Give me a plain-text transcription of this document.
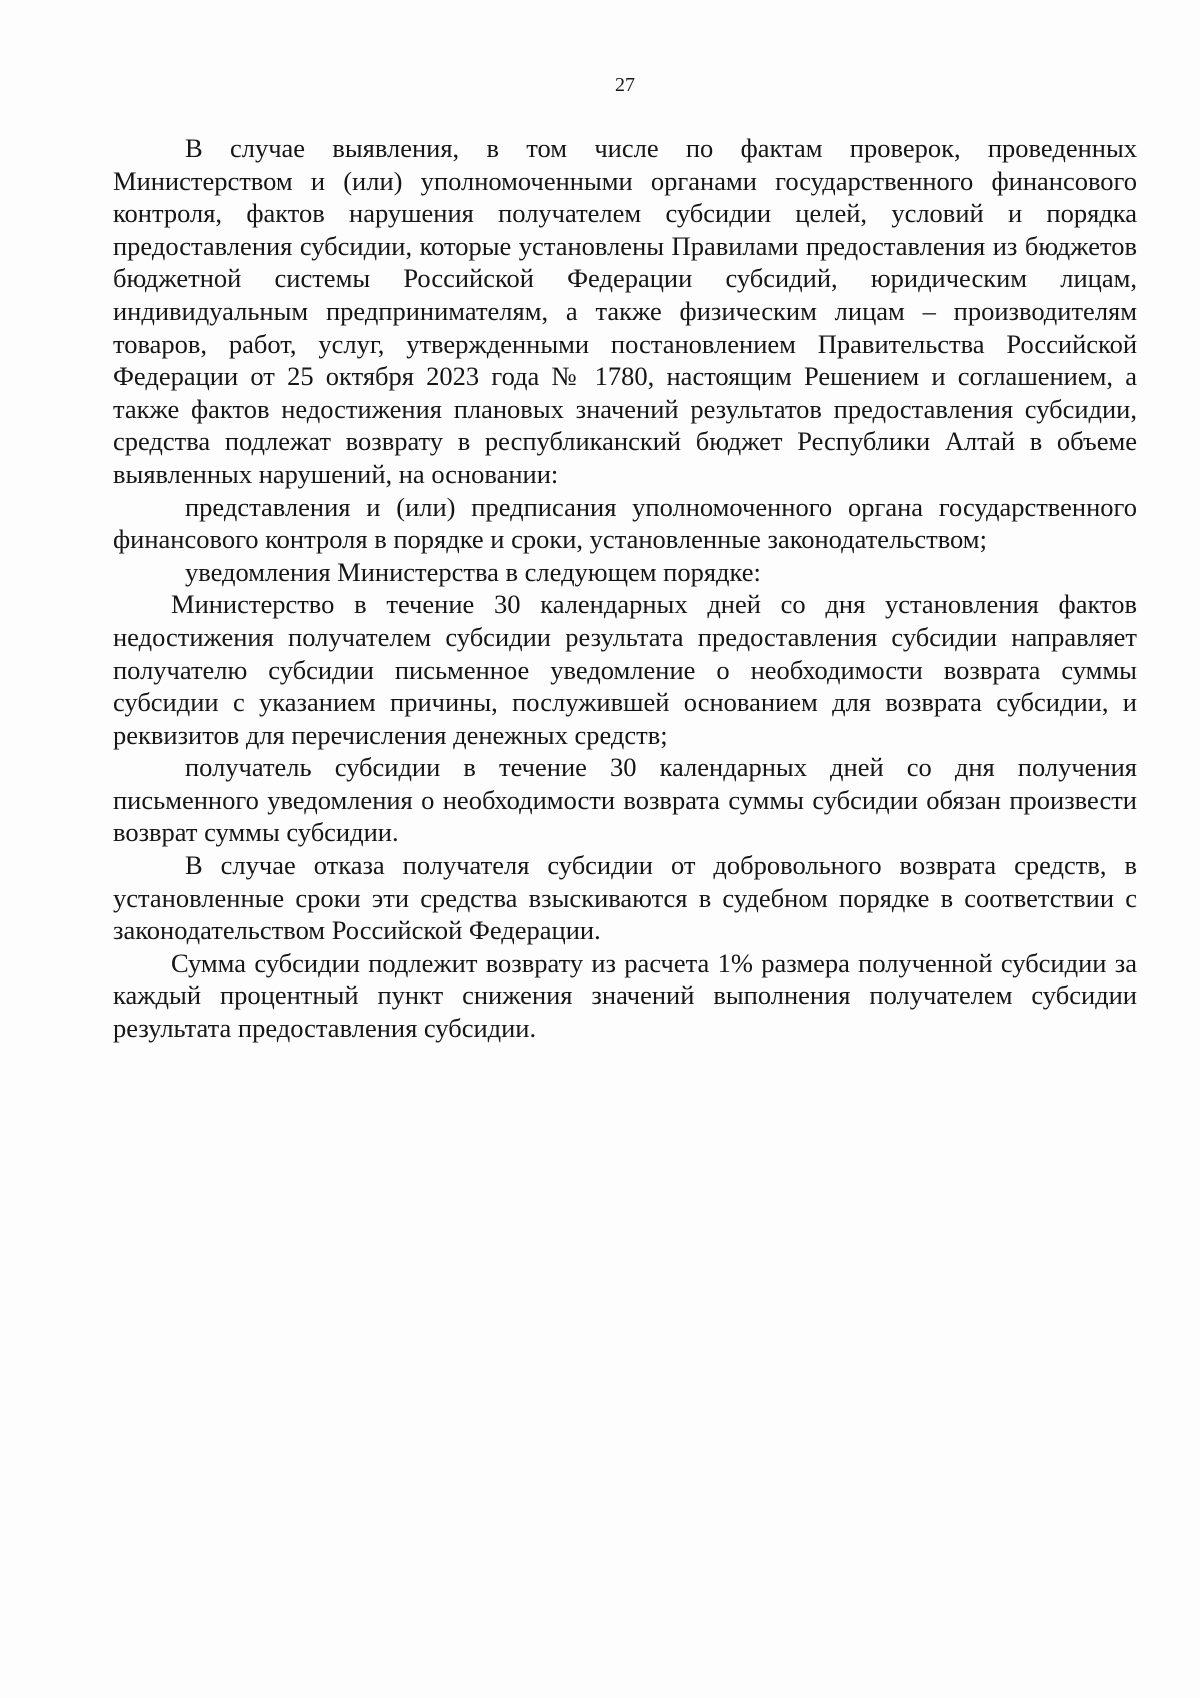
27

В случае выявления, в том числе по фактам проверок, проведенных Министерством и (или) уполномоченными органами государственного финансового контроля, фактов нарушения получателем субсидии целей, условий и порядка предоставления субсидии, которые установлены Правилами предоставления из бюджетов бюджетной системы Российской Федерации субсидий, юридическим лицам, индивидуальным предпринимателям, а также физическим лицам – производителям товаров, работ, услуг, утвержденными постановлением Правительства Российской Федерации от 25 октября 2023 года № 1780, настоящим Решением и соглашением, а также фактов недостижения плановых значений результатов предоставления субсидии, средства подлежат возврату в республиканский бюджет Республики Алтай в объеме выявленных нарушений, на основании:

представления и (или) предписания уполномоченного органа государственного финансового контроля в порядке и сроки, установленные законодательством;

уведомления Министерства в следующем порядке:

Министерство в течение 30 календарных дней со дня установления фактов недостижения получателем субсидии результата предоставления субсидии направляет получателю субсидии письменное уведомление о необходимости возврата суммы субсидии с указанием причины, послужившей основанием для возврата субсидии, и реквизитов для перечисления денежных средств;

получатель субсидии в течение 30 календарных дней со дня получения письменного уведомления о необходимости возврата суммы субсидии обязан произвести возврат суммы субсидии.

В случае отказа получателя субсидии от добровольного возврата средств, в установленные сроки эти средства взыскиваются в судебном порядке в соответствии с законодательством Российской Федерации.

Сумма субсидии подлежит возврату из расчета 1% размера полученной субсидии за каждый процентный пункт снижения значений выполнения получателем субсидии результата предоставления субсидии.
